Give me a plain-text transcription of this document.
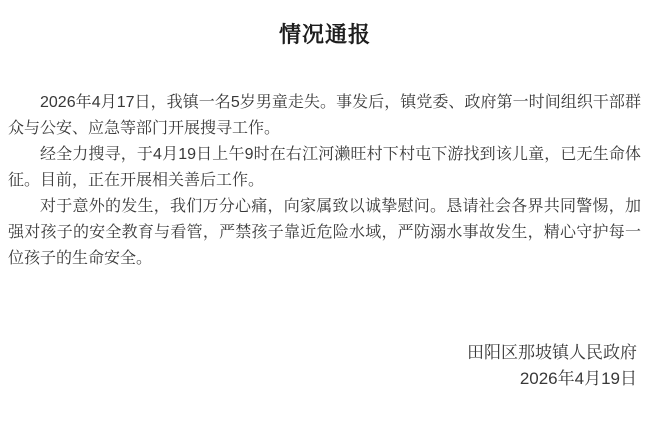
情况通报

2026年4月17日，我镇一名5岁男童走失。事发后，镇党委、政府第一时间组织干部群众与公安、应急等部门开展搜寻工作。

经全力搜寻，于4月19日上午9时在右江河濑旺村下村屯下游找到该儿童，已无生命体征。目前，正在开展相关善后工作。

对于意外的发生，我们万分心痛，向家属致以诚挚慰问。恳请社会各界共同警惕，加强对孩子的安全教育与看管，严禁孩子靠近危险水域，严防溺水事故发生，精心守护每一位孩子的生命安全。

田阳区那坡镇人民政府
2026年4月19日
